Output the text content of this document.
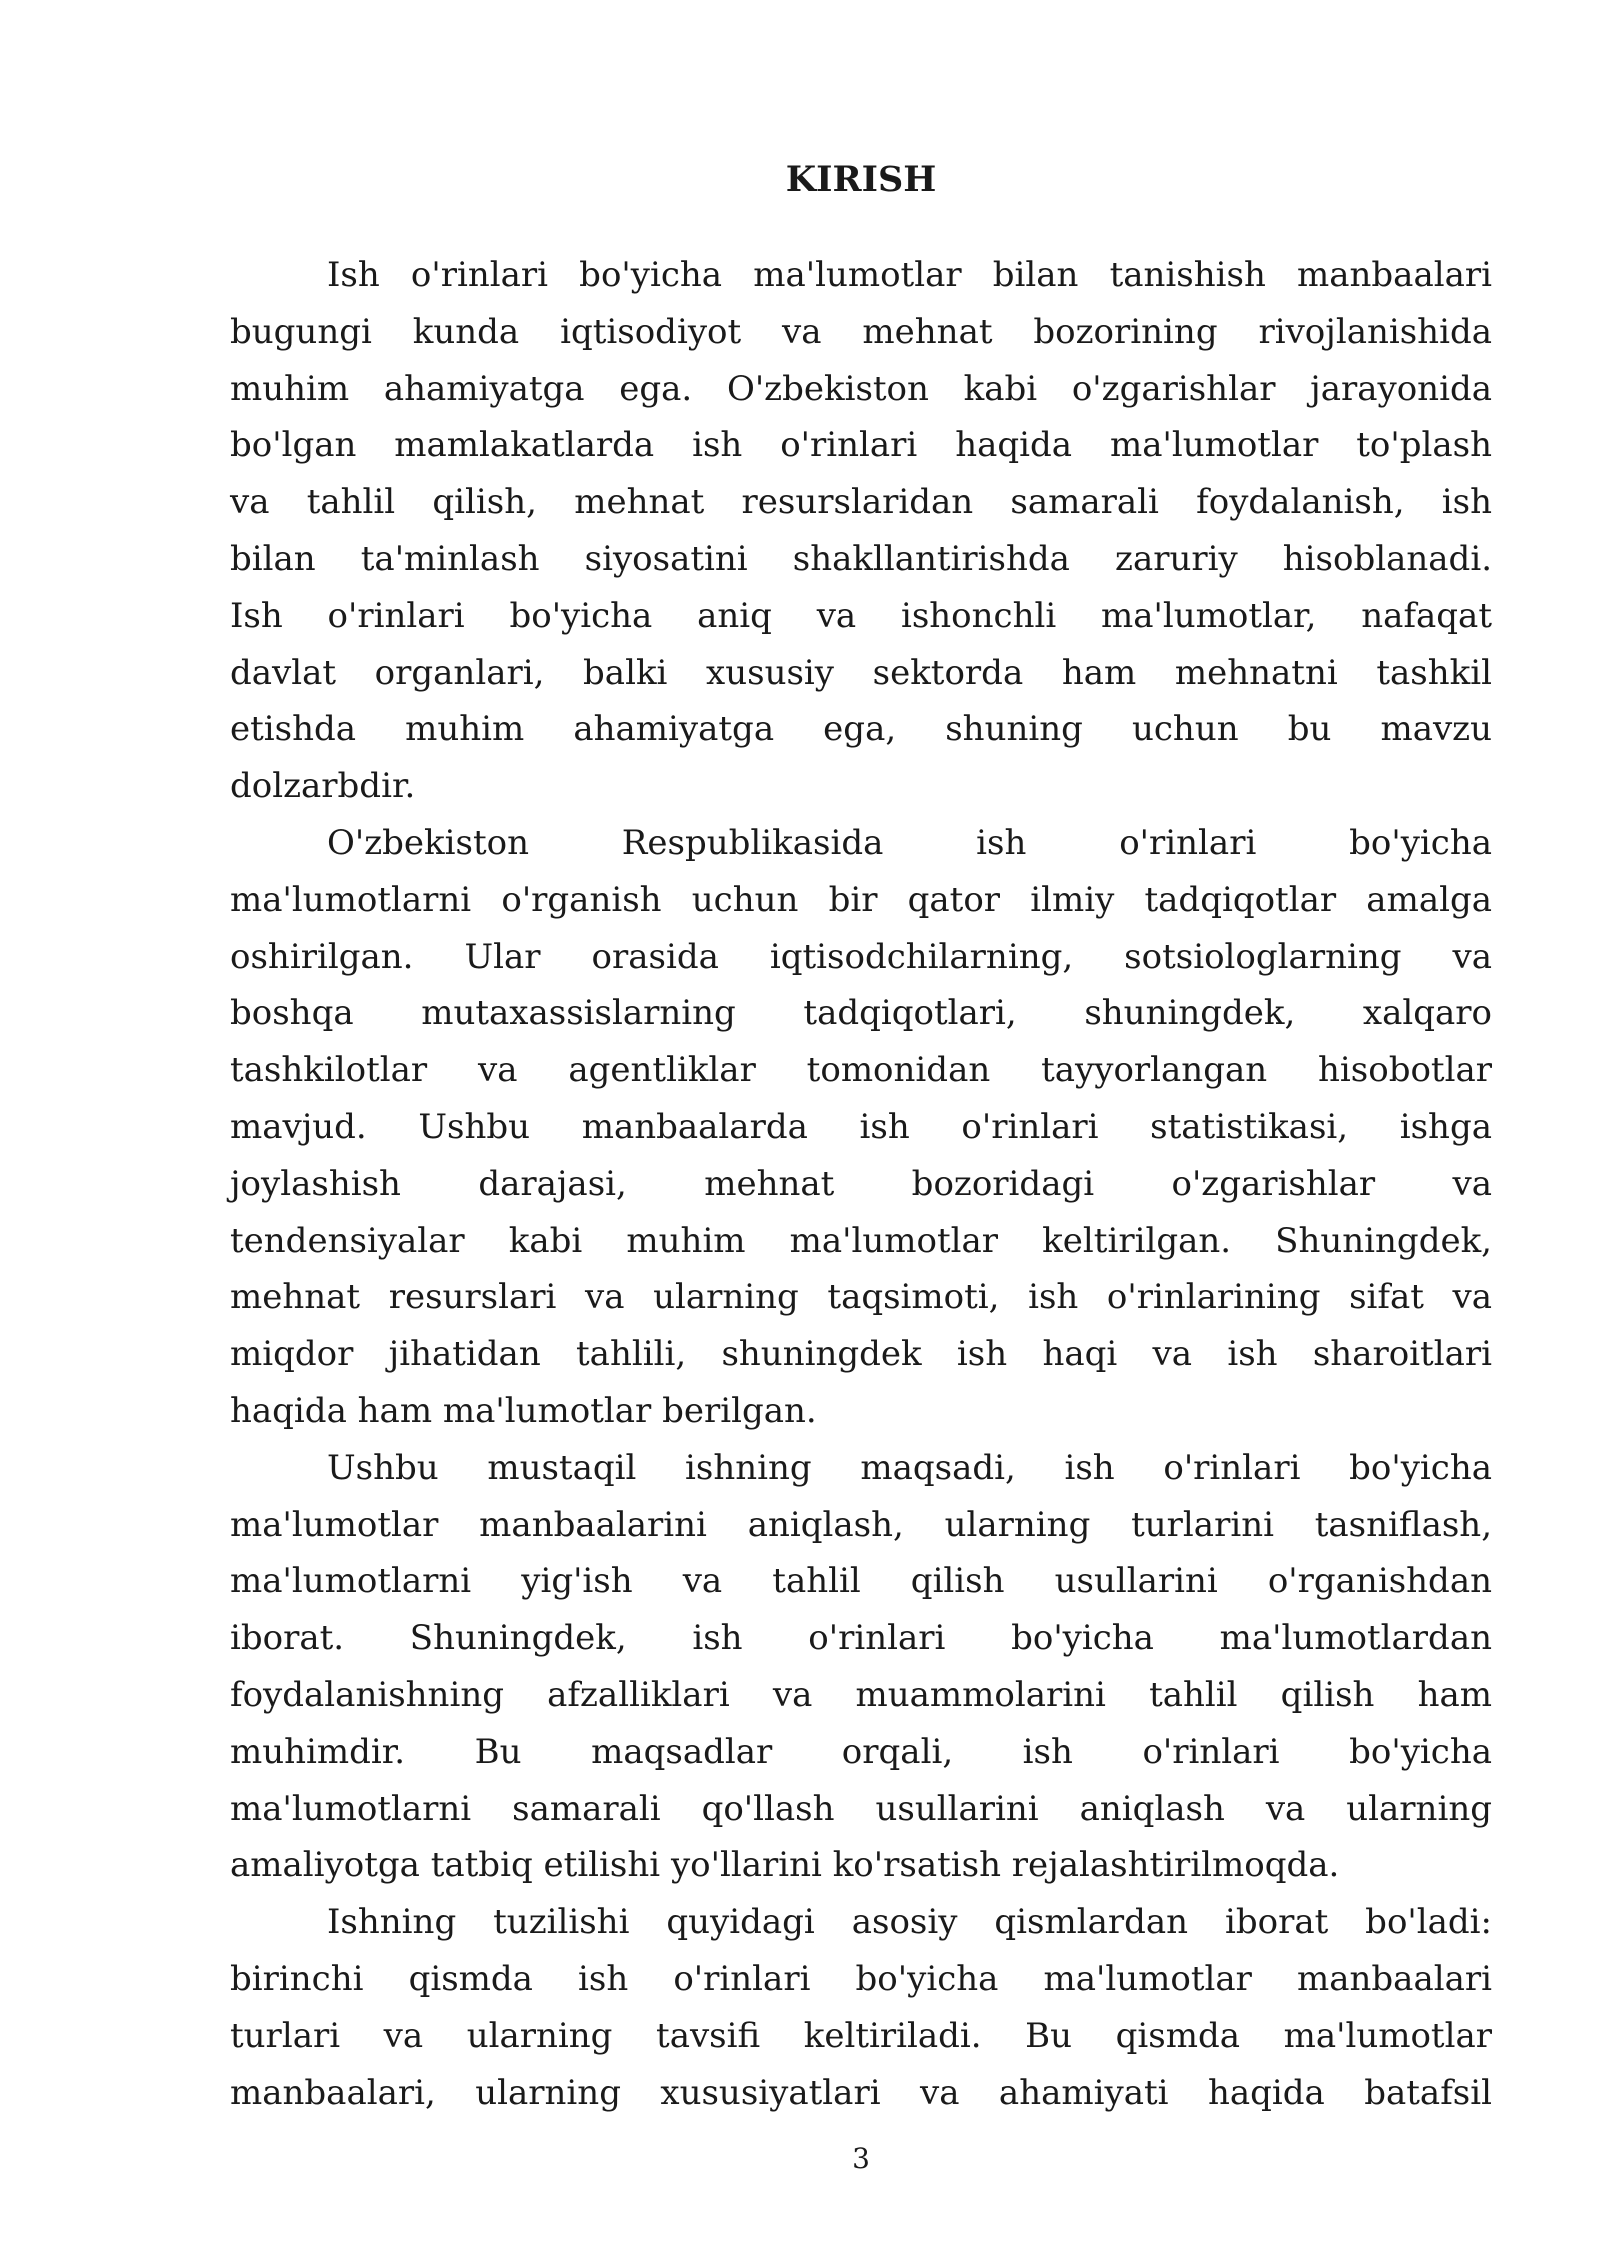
KIRISH
Ish o'rinlari bo'yicha ma'lumotlar bilan tanishish manbaalari
bugungi kunda iqtisodiyot va mehnat bozorining rivojlanishida
muhim ahamiyatga ega. O'zbekiston kabi o'zgarishlar jarayonida
bo'lgan mamlakatlarda ish o'rinlari haqida ma'lumotlar to'plash
va tahlil qilish, mehnat resurslaridan samarali foydalanish, ish
bilan ta'minlash siyosatini shakllantirishda zaruriy hisoblanadi.
Ish o'rinlari bo'yicha aniq va ishonchli ma'lumotlar, nafaqat
davlat organlari, balki xususiy sektorda ham mehnatni tashkil
etishda muhim ahamiyatga ega, shuning uchun bu mavzu
dolzarbdir.
O'zbekiston Respublikasida ish o'rinlari bo'yicha
ma'lumotlarni o'rganish uchun bir qator ilmiy tadqiqotlar amalga
oshirilgan. Ular orasida iqtisodchilarning, sotsiologlarning va
boshqa mutaxassislarning tadqiqotlari, shuningdek, xalqaro
tashkilotlar va agentliklar tomonidan tayyorlangan hisobotlar
mavjud. Ushbu manbaalarda ish o'rinlari statistikasi, ishga
joylashish darajasi, mehnat bozoridagi o'zgarishlar va
tendensiyalar kabi muhim ma'lumotlar keltirilgan. Shuningdek,
mehnat resurslari va ularning taqsimoti, ish o'rinlarining sifat va
miqdor jihatidan tahlili, shuningdek ish haqi va ish sharoitlari
haqida ham ma'lumotlar berilgan.
Ushbu mustaqil ishning maqsadi, ish o'rinlari bo'yicha
ma'lumotlar manbaalarini aniqlash, ularning turlarini tasniflash,
ma'lumotlarni yig'ish va tahlil qilish usullarini o'rganishdan
iborat. Shuningdek, ish o'rinlari bo'yicha ma'lumotlardan
foydalanishning afzalliklari va muammolarini tahlil qilish ham
muhimdir. Bu maqsadlar orqali, ish o'rinlari bo'yicha
ma'lumotlarni samarali qo'llash usullarini aniqlash va ularning
amaliyotga tatbiq etilishi yo'llarini ko'rsatish rejalashtirilmoqda.
Ishning tuzilishi quyidagi asosiy qismlardan iborat bo'ladi:
birinchi qismda ish o'rinlari bo'yicha ma'lumotlar manbaalari
turlari va ularning tavsifi keltiriladi. Bu qismda ma'lumotlar
manbaalari, ularning xususiyatlari va ahamiyati haqida batafsil
3
